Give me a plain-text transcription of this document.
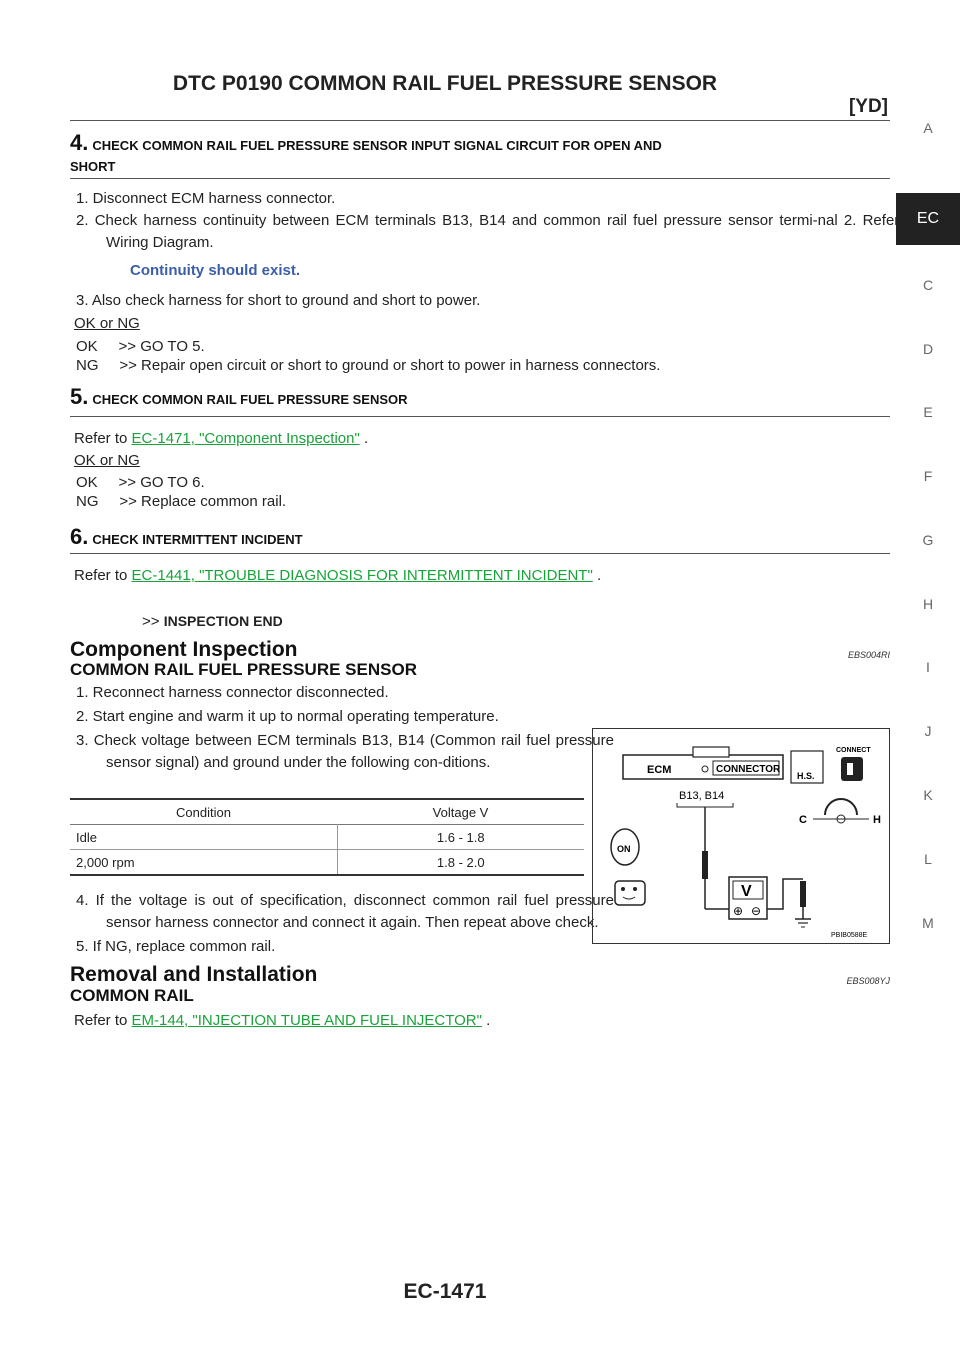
DTC P0190 COMMON RAIL FUEL PRESSURE SENSOR
[YD]
A
EC
C
D
E
F
G
H
I
J
K
L
M
4. CHECK COMMON RAIL FUEL PRESSURE SENSOR INPUT SIGNAL CIRCUIT FOR OPEN AND
SHORT
1. Disconnect ECM harness connector.
2. Check harness continuity between ECM terminals B13, B14 and common rail fuel pressure sensor termi-nal 2. Refer to Wiring Diagram.
Continuity should exist.
3. Also check harness for short to ground and short to power.
OK or NG
OK     >> GO TO 5.
NG     >> Repair open circuit or short to ground or short to power in harness connectors.
5. CHECK COMMON RAIL FUEL PRESSURE SENSOR
Refer to EC-1471, "Component Inspection" .
OK or NG
OK     >> GO TO 6.
NG     >> Replace common rail.
6. CHECK INTERMITTENT INCIDENT
Refer to EC-1441, "TROUBLE DIAGNOSIS FOR INTERMITTENT INCIDENT" .
>> INSPECTION END
Component Inspection	EBS004RI
COMMON RAIL FUEL PRESSURE SENSOR
1. Reconnect harness connector disconnected.
2. Start engine and warm it up to normal operating temperature.
3. Check voltage between ECM terminals B13, B14 (Common rail fuel pressure sensor signal) and ground under the following con-ditions.
Condition	Voltage V
Idle	1.6 - 1.8
2,000 rpm	1.8 - 2.0
4. If the voltage is out of specification, disconnect common rail fuel pressure sensor harness connector and connect it again. Then repeat above check.
5. If NG, replace common rail.
ECM	CONNECTOR
B13, B14
V
⊕ ⊖
H.S.
CONNECT
C	H
ON
PBIB0588E
Removal and Installation	EBS008YJ
COMMON RAIL
Refer to EM-144, "INJECTION TUBE AND FUEL INJECTOR" .
EC-1471
